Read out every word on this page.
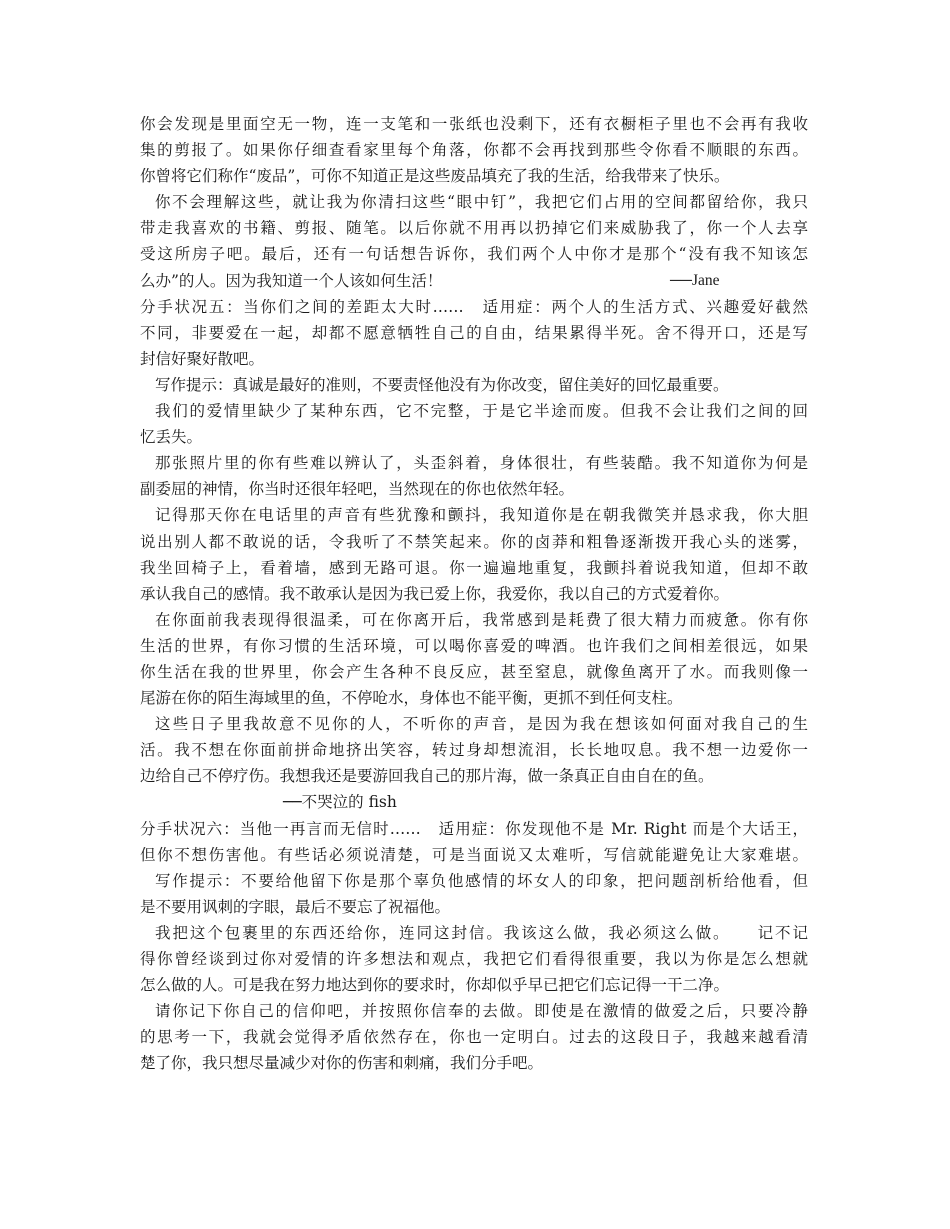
你会发现是里面空无一物，连一支笔和一张纸也没剩下，还有衣橱柜子里也不会再有我收
集的剪报了。如果你仔细查看家里每个角落，你都不会再找到那些令你看不顺眼的东西。
你曾将它们称作“废品”，可你不知道正是这些废品填充了我的生活，给我带来了快乐。
你不会理解这些，就让我为你清扫这些“眼中钉”，我把它们占用的空间都留给你，我只
带走我喜欢的书籍、剪报、随笔。以后你就不用再以扔掉它们来威胁我了，你一个人去享
受这所房子吧。最后，还有一句话想告诉你，我们两个人中你才是那个“没有我不知该怎
么办”的人。因为我知道一个人该如何生活！	──Jane
分手状况五：当你们之间的差距太大时……　适用症：两个人的生活方式、兴趣爱好截然
不同，非要爱在一起，却都不愿意牺牲自己的自由，结果累得半死。舍不得开口，还是写
封信好聚好散吧。
写作提示：真诚是最好的准则，不要责怪他没有为你改变，留住美好的回忆最重要。
我们的爱情里缺少了某种东西，它不完整，于是它半途而废。但我不会让我们之间的回
忆丢失。
那张照片里的你有些难以辨认了，头歪斜着，身体很壮，有些装酷。我不知道你为何是
副委屈的神情，你当时还很年轻吧，当然现在的你也依然年轻。
记得那天你在电话里的声音有些犹豫和颤抖，我知道你是在朝我微笑并恳求我，你大胆
说出别人都不敢说的话，令我听了不禁笑起来。你的卤莽和粗鲁逐渐拨开我心头的迷雾，
我坐回椅子上，看着墙，感到无路可退。你一遍遍地重复，我颤抖着说我知道，但却不敢
承认我自己的感情。我不敢承认是因为我已爱上你，我爱你，我以自己的方式爱着你。
在你面前我表现得很温柔，可在你离开后，我常感到是耗费了很大精力而疲惫。你有你
生活的世界，有你习惯的生活环境，可以喝你喜爱的啤酒。也许我们之间相差很远，如果
你生活在我的世界里，你会产生各种不良反应，甚至窒息，就像鱼离开了水。而我则像一
尾游在你的陌生海域里的鱼，不停呛水，身体也不能平衡，更抓不到任何支柱。
这些日子里我故意不见你的人，不听你的声音，是因为我在想该如何面对我自己的生
活。我不想在你面前拼命地挤出笑容，转过身却想流泪，长长地叹息。我不想一边爱你一
边给自己不停疗伤。我想我还是要游回我自己的那片海，做一条真正自由自在的鱼。
──不哭泣的 fish
分手状况六：当他一再言而无信时……　适用症：你发现他不是 Mr. Right 而是个大话王，
但你不想伤害他。有些话必须说清楚，可是当面说又太难听，写信就能避免让大家难堪。
写作提示：不要给他留下你是那个辜负他感情的坏女人的印象，把问题剖析给他看，但
是不要用讽刺的字眼，最后不要忘了祝福他。
我把这个包裹里的东西还给你，连同这封信。我该这么做，我必须这么做。　　记不记
得你曾经谈到过你对爱情的许多想法和观点，我把它们看得很重要，我以为你是怎么想就
怎么做的人。可是我在努力地达到你的要求时，你却似乎早已把它们忘记得一干二净。
请你记下你自己的信仰吧，并按照你信奉的去做。即使是在激情的做爱之后，只要冷静
的思考一下，我就会觉得矛盾依然存在，你也一定明白。过去的这段日子，我越来越看清
楚了你，我只想尽量减少对你的伤害和刺痛，我们分手吧。
